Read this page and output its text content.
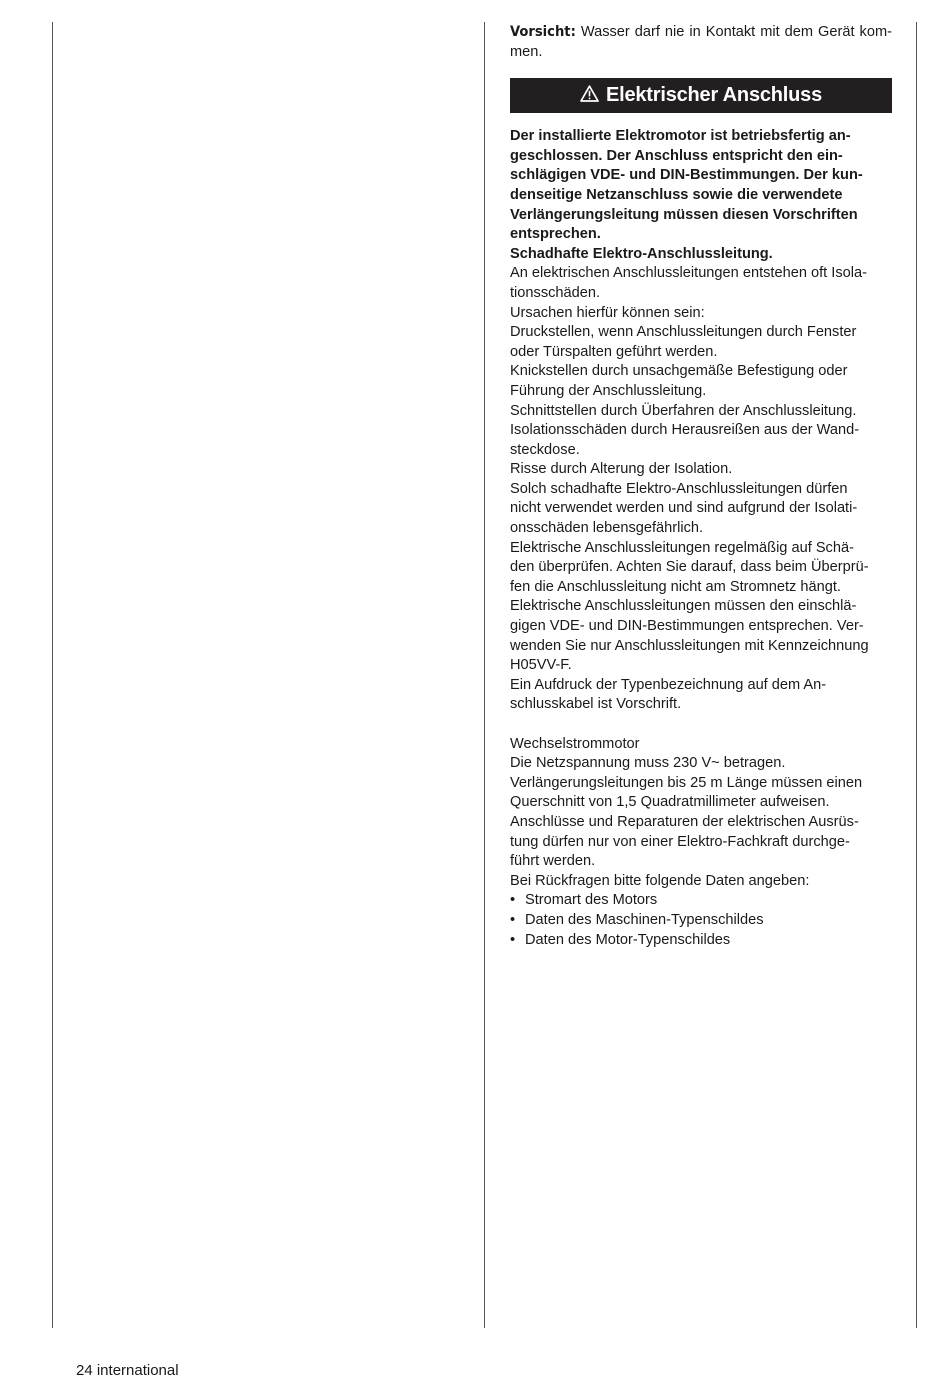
Vorsicht: Wasser darf nie in Kontakt mit dem Gerät kom-men.

Elektrischer Anschluss
Der installierte Elektromotor ist betriebsfertig an-
geschlossen. Der Anschluss entspricht den ein-
schlägigen VDE- und DIN-Bestimmungen. Der kun-
denseitige Netzanschluss sowie die verwendete
Verlängerungsleitung müssen diesen Vorschriften
entsprechen.
Schadhafte Elektro-Anschlussleitung.
An elektrischen Anschlussleitungen entstehen oft Isola-
tionsschäden.
Ursachen hierfür können sein:
Druckstellen, wenn Anschlussleitungen durch Fenster
oder Türspalten geführt werden.
Knickstellen durch unsachgemäße Befestigung oder
Führung der Anschlussleitung.
Schnittstellen durch Überfahren der Anschlussleitung.
Isolationsschäden durch Herausreißen aus der Wand-
steckdose.
Risse durch Alterung der Isolation.
Solch schadhafte Elektro-Anschlussleitungen dürfen
nicht verwendet werden und sind aufgrund der Isolati-
onsschäden lebensgefährlich.
Elektrische Anschlussleitungen regelmäßig auf Schä-
den überprüfen. Achten Sie darauf, dass beim Überprü-
fen die Anschlussleitung nicht am Stromnetz hängt.
Elektrische Anschlussleitungen müssen den einschlä-
gigen VDE- und DIN-Bestimmungen entsprechen. Ver-
wenden Sie nur Anschlussleitungen mit Kennzeichnung
H05VV-F.
Ein Aufdruck der Typenbezeichnung auf dem An-
schlusskabel ist Vorschrift.
Wechselstrommotor
Die Netzspannung muss 230 V~ betragen.
Verlängerungsleitungen bis 25 m Länge müssen einen
Querschnitt von 1,5 Quadratmillimeter aufweisen.
Anschlüsse und Reparaturen der elektrischen Ausrüs-
tung dürfen nur von einer Elektro-Fachkraft durchge-
führt werden.
Bei Rückfragen bitte folgende Daten angeben:
• Stromart des Motors
• Daten des Maschinen-Typenschildes
• Daten des Motor-Typenschildes
24 international
